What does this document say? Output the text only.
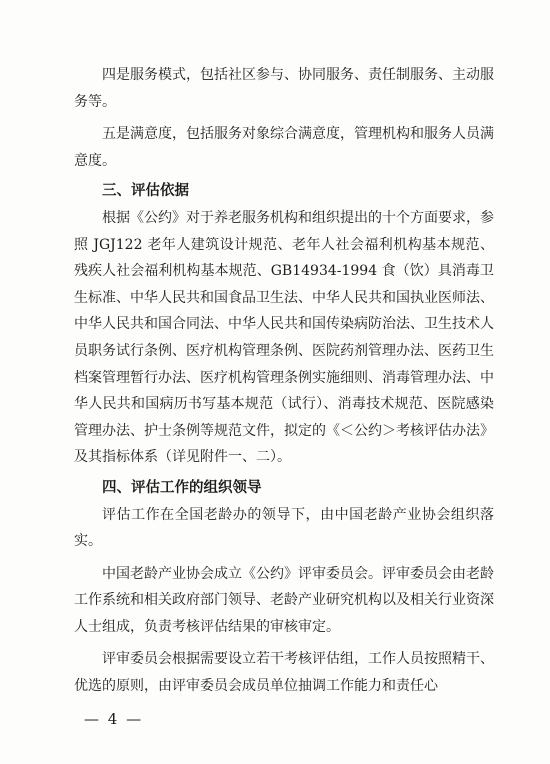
四是服务模式，包括社区参与、协同服务、责任制服务、主动服务等。

五是满意度，包括服务对象综合满意度，管理机构和服务人员满意度。

三、评估依据

根据《公约》对于养老服务机构和组织提出的十个方面要求，参照 JGJ122 老年人建筑设计规范、老年人社会福利机构基本规范、残疾人社会福利机构基本规范、GB14934-1994 食（饮）具消毒卫生标准、中华人民共和国食品卫生法、中华人民共和国执业医师法、中华人民共和国合同法、中华人民共和国传染病防治法、卫生技术人员职务试行条例、医疗机构管理条例、医院药剂管理办法、医药卫生档案管理暂行办法、医疗机构管理条例实施细则、消毒管理办法、中华人民共和国病历书写基本规范（试行）、消毒技术规范、医院感染管理办法、护士条例等规范文件，拟定的《＜公约＞考核评估办法》及其指标体系（详见附件一、二）。

四、评估工作的组织领导

评估工作在全国老龄办的领导下，由中国老龄产业协会组织落实。

中国老龄产业协会成立《公约》评审委员会。评审委员会由老龄工作系统和相关政府部门领导、老龄产业研究机构以及相关行业资深人士组成，负责考核评估结果的审核审定。

评审委员会根据需要设立若干考核评估组，工作人员按照精干、优选的原则，由评审委员会成员单位抽调工作能力和责任心

— 4 —
